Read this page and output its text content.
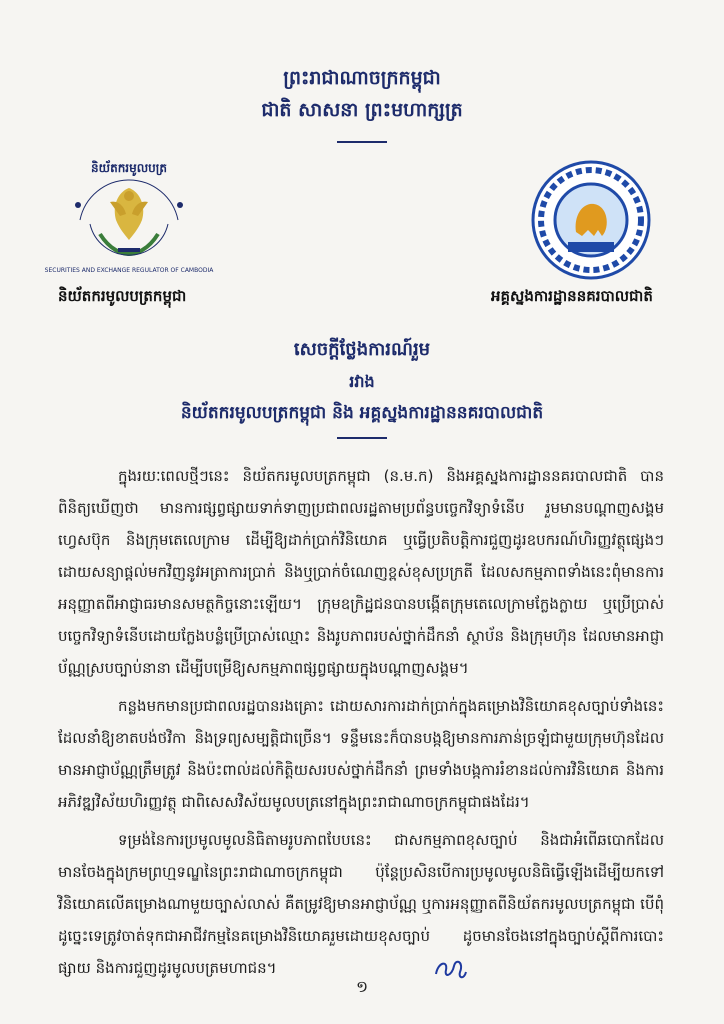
ព្រះរាជាណាចក្រកម្ពុជា
ជាតិ សាសនា ព្រះមហាក្សត្រ
និយ័តករមូលបត្រ
SECURITIES AND EXCHANGE REGULATOR OF CAMBODIA
និយ័តករមូលបត្រកម្ពុជា	អគ្គស្នងការដ្ឋាននគរបាលជាតិ
សេចក្តីថ្លែងការណ៍រួម
រវាង
និយ័តករមូលបត្រកម្ពុជា និង អគ្គស្នងការដ្ឋាននគរបាលជាតិ

ក្នុងរយៈពេលថ្មីៗនេះ និយ័តករមូលបត្រកម្ពុជា (ន.ម.ក) និងអគ្គស្នងការដ្ឋាននគរបាលជាតិ បានពិនិត្យឃើញថា មានការផ្សព្វផ្សាយទាក់ទាញប្រជាពលរដ្ឋតាមប្រព័ន្ធបច្ចេកវិទ្យាទំនើប រួមមានបណ្តាញសង្គមហ្វេសប៊ុក និងក្រុមតេលេក្រាម ដើម្បីឱ្យដាក់ប្រាក់វិនិយោគ ឬធ្វើប្រតិបត្តិការជួញដូរឧបករណ៍ហិរញ្ញវត្ថុផ្សេងៗ ដោយសន្យាផ្តល់មកវិញនូវអត្រាការប្រាក់ និងឬប្រាក់ចំណេញខ្ពស់ខុសប្រក្រតី ដែលសកម្មភាពទាំងនេះពុំមានការអនុញ្ញាតពីអាជ្ញាធរមានសមត្ថកិច្ចនោះឡើយ។ ក្រុមឧក្រិដ្ឋជនបានបង្កើតក្រុមតេលេក្រាមក្លែងក្លាយ ឬប្រើប្រាស់បច្ចេកវិទ្យាទំនើបដោយក្លែងបន្លំប្រើប្រាស់ឈ្មោះ និងរូបភាពរបស់ថ្នាក់ដឹកនាំ ស្ថាប័ន និងក្រុមហ៊ុន ដែលមានអាជ្ញាប័ណ្ណស្របច្បាប់នានា ដើម្បីបម្រើឱ្យសកម្មភាពផ្សព្វផ្សាយក្នុងបណ្តាញសង្គម។

កន្លងមកមានប្រជាពលរដ្ឋបានរងគ្រោះ ដោយសារការដាក់ប្រាក់ក្នុងគម្រោងវិនិយោគខុសច្បាប់ទាំងនេះ ដែលនាំឱ្យខាតបង់ថវិកា និងទ្រព្យសម្បត្តិជាច្រើន។ ទន្ទឹមនេះក៏បានបង្កឱ្យមានការភាន់ច្រឡំជាមួយក្រុមហ៊ុនដែលមានអាជ្ញាប័ណ្ណត្រឹមត្រូវ និងប៉ះពាល់ដល់កិត្តិយសរបស់ថ្នាក់ដឹកនាំ ព្រមទាំងបង្កការរំខានដល់ការវិនិយោគ និងការអភិវឌ្ឍវិស័យហិរញ្ញវត្ថុ ជាពិសេសវិស័យមូលបត្រនៅក្នុងព្រះរាជាណាចក្រកម្ពុជាផងដែរ។

ទម្រង់នៃការប្រមូលមូលនិធិតាមរូបភាពបែបនេះ ជាសកម្មភាពខុសច្បាប់ និងជាអំពើឆបោកដែលមានចែងក្នុងក្រមព្រហ្មទណ្ឌនៃព្រះរាជាណាចក្រកម្ពុជា ប៉ុន្តែប្រសិនបើការប្រមូលមូលនិធិធ្វើឡើងដើម្បីយកទៅវិនិយោគលើគម្រោងណាមួយច្បាស់លាស់ គឺតម្រូវឱ្យមានអាជ្ញាប័ណ្ណ ឬការអនុញ្ញាតពីនិយ័តករមូលបត្រកម្ពុជា បើពុំដូច្នេះទេត្រូវចាត់ទុកជាអាជីវកម្មនៃគម្រោងវិនិយោគរួមដោយខុសច្បាប់ ដូចមានចែងនៅក្នុងច្បាប់ស្តីពីការបោះផ្សាយ និងការជួញដូរមូលបត្រមហាជន។

១
